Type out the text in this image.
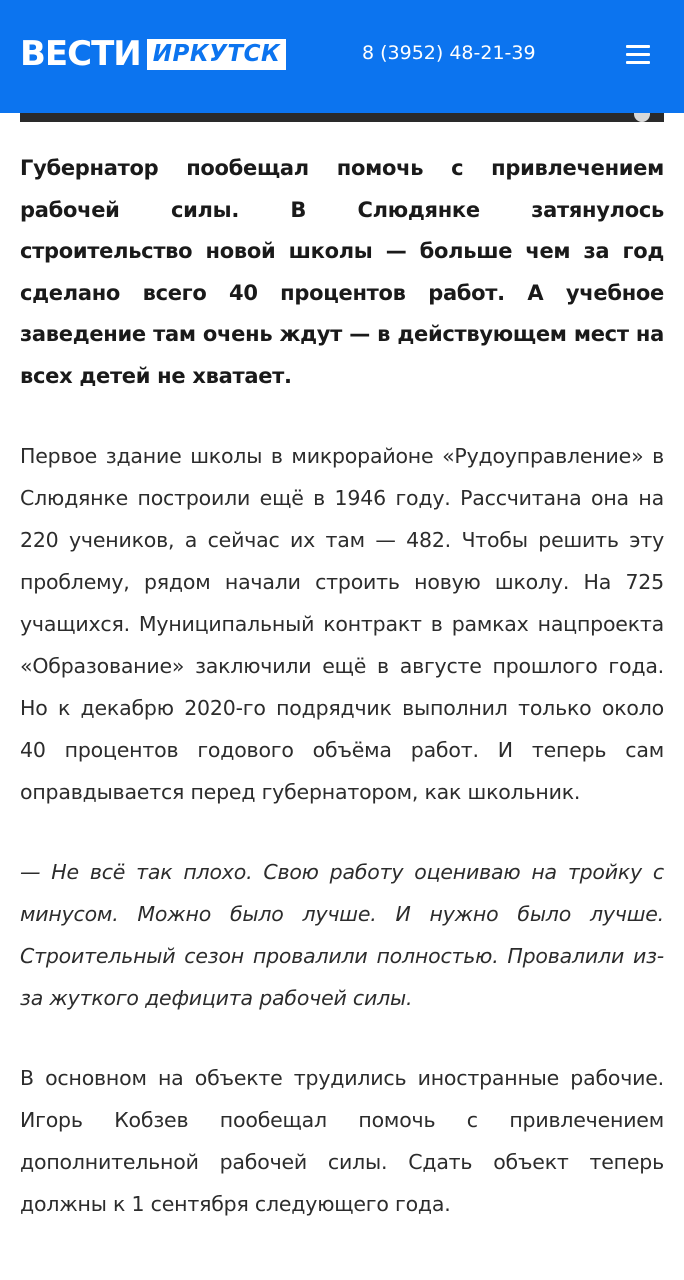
ВЕСТИ ИРКУТСК	8 (3952) 48-21-39

Губернатор пообещал помочь с привлечением рабочей силы. В Слюдянке затянулось строительство новой школы — больше чем за год сделано всего 40 процентов работ. А учебное заведение там очень ждут — в действующем мест на всех детей не хватает.

Первое здание школы в микрорайоне «Рудоуправление» в Слюдянке построили ещё в 1946 году. Рассчитана она на 220 учеников, а сейчас их там — 482. Чтобы решить эту проблему, рядом начали строить новую школу. На 725 учащихся. Муниципальный контракт в рамках нацпроекта «Образование» заключили ещё в августе прошлого года. Но к декабрю 2020-го подрядчик выполнил только около 40 процентов годового объёма работ. И теперь сам оправдывается перед губернатором, как школьник.

— Не всё так плохо. Свою работу оцениваю на тройку с минусом. Можно было лучше. И нужно было лучше. Строительный сезон провалили полностью. Провалили из-за жуткого дефицита рабочей силы.

В основном на объекте трудились иностранные рабочие. Игорь Кобзев пообещал помочь с привлечением дополнительной рабочей силы. Сдать объект теперь должны к 1 сентября следующего года.
